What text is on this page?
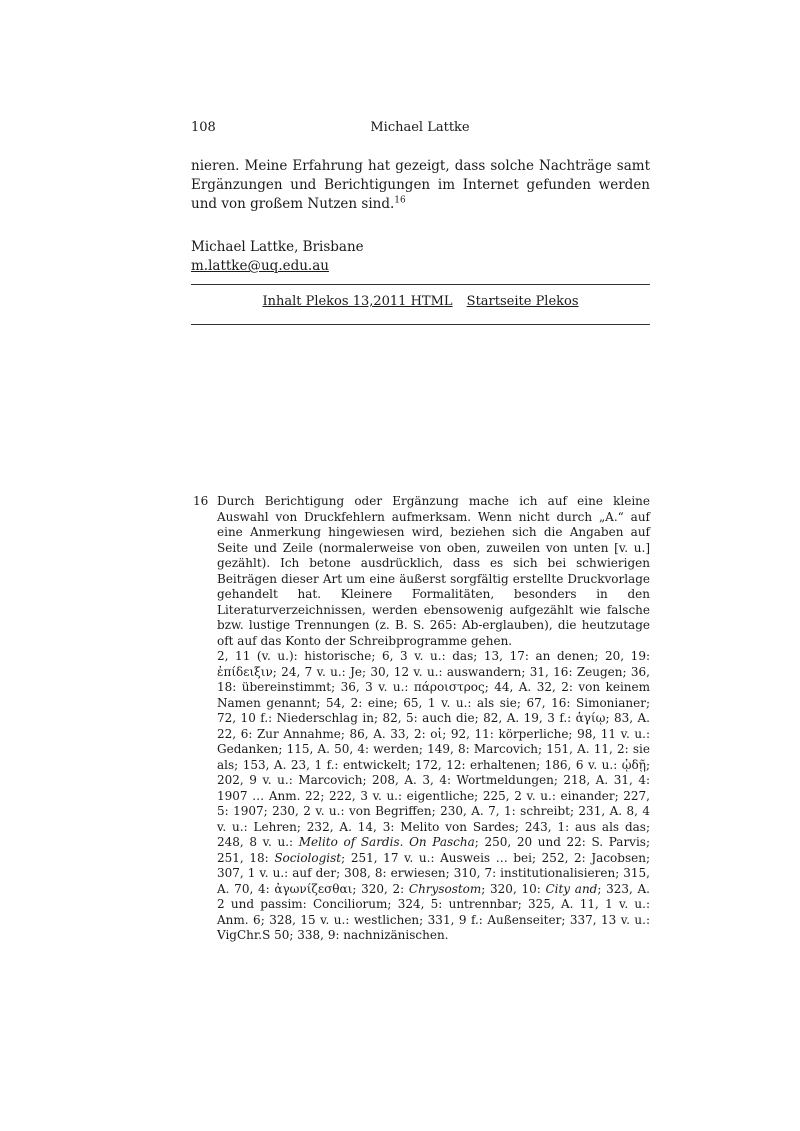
108	Michael Lattke

nieren. Meine Erfahrung hat gezeigt, dass solche Nachträge samt Ergänzungen und Berichtigungen im Internet gefunden werden und von großem Nutzen sind.$^{16}$

Michael Lattke, Brisbane
m.lattke@uq.edu.au
Inhalt Plekos 13,2011 HTML Startseite Plekos
16 Durch Berichtigung oder Ergänzung mache ich auf eine kleine Auswahl von Druckfehlern aufmerksam. Wenn nicht durch „A.“ auf eine Anmerkung hingewiesen wird, beziehen sich die Angaben auf Seite und Zeile (normalerweise von oben, zuweilen von unten [v. u.] gezählt). Ich betone ausdrücklich, dass es sich bei schwierigen Beiträgen dieser Art um eine äußerst sorgfältig erstellte Druckvorlage gehandelt hat. Kleinere Formalitäten, besonders in den Literaturverzeichnissen, werden ebensowenig aufgezählt wie falsche bzw. lustige Trennungen (z. B. S. 265: Ab-erglauben), die heutzutage oft auf das Konto der Schreibprogramme gehen.

2, 11 (v. u.): historische; 6, 3 v. u.: das; 13, 17: an denen; 20, 19: ἐπίδειξιν; 24, 7 v. u.: Je; 30, 12 v. u.: auswandern; 31, 16: Zeugen; 36, 18: übereinstimmt; 36, 3 v. u.: πάροιστρος; 44, A. 32, 2: von keinem Namen genannt; 54, 2: eine; 65, 1 v. u.: als sie; 67, 16: Simonianer; 72, 10 f.: Niederschlag in; 82, 5: auch die; 82, A. 19, 3 f.: ἁγίῳ; 83, A. 22, 6: Zur Annahme; 86, A. 33, 2: οἱ; 92, 11: körperliche; 98, 11 v. u.: Gedanken; 115, A. 50, 4: werden; 149, 8: Marcovich; 151, A. 11, 2: sie als; 153, A. 23, 1 f.: entwickelt; 172, 12: erhaltenen; 186, 6 v. u.: ᾠδῇ; 202, 9 v. u.: Marcovich; 208, A. 3, 4: Wortmeldungen; 218, A. 31, 4: 1907 … Anm. 22; 222, 3 v. u.: eigentliche; 225, 2 v. u.: einander; 227, 5: 1907; 230, 2 v. u.: von Begriffen; 230, A. 7, 1: schreibt; 231, A. 8, 4 v. u.: Lehren; 232, A. 14, 3: Melito von Sardes; 243, 1: aus als das; 248, 8 v. u.: Melito of Sardis. On Pascha; 250, 20 und 22: S. Parvis; 251, 18: Sociologist; 251, 17 v. u.: Ausweis … bei; 252, 2: Jacobsen; 307, 1 v. u.: auf der; 308, 8: erwiesen; 310, 7: institutionalisieren; 315, A. 70, 4: ἀγωνίζεσθαι; 320, 2: Chrysostom; 320, 10: City and; 323, A. 2 und passim: Conciliorum; 324, 5: untrennbar; 325, A. 11, 1 v. u.: Anm. 6; 328, 15 v. u.: westlichen; 331, 9 f.: Außenseiter; 337, 13 v. u.: VigChr.S 50; 338, 9: nachnizänischen.
